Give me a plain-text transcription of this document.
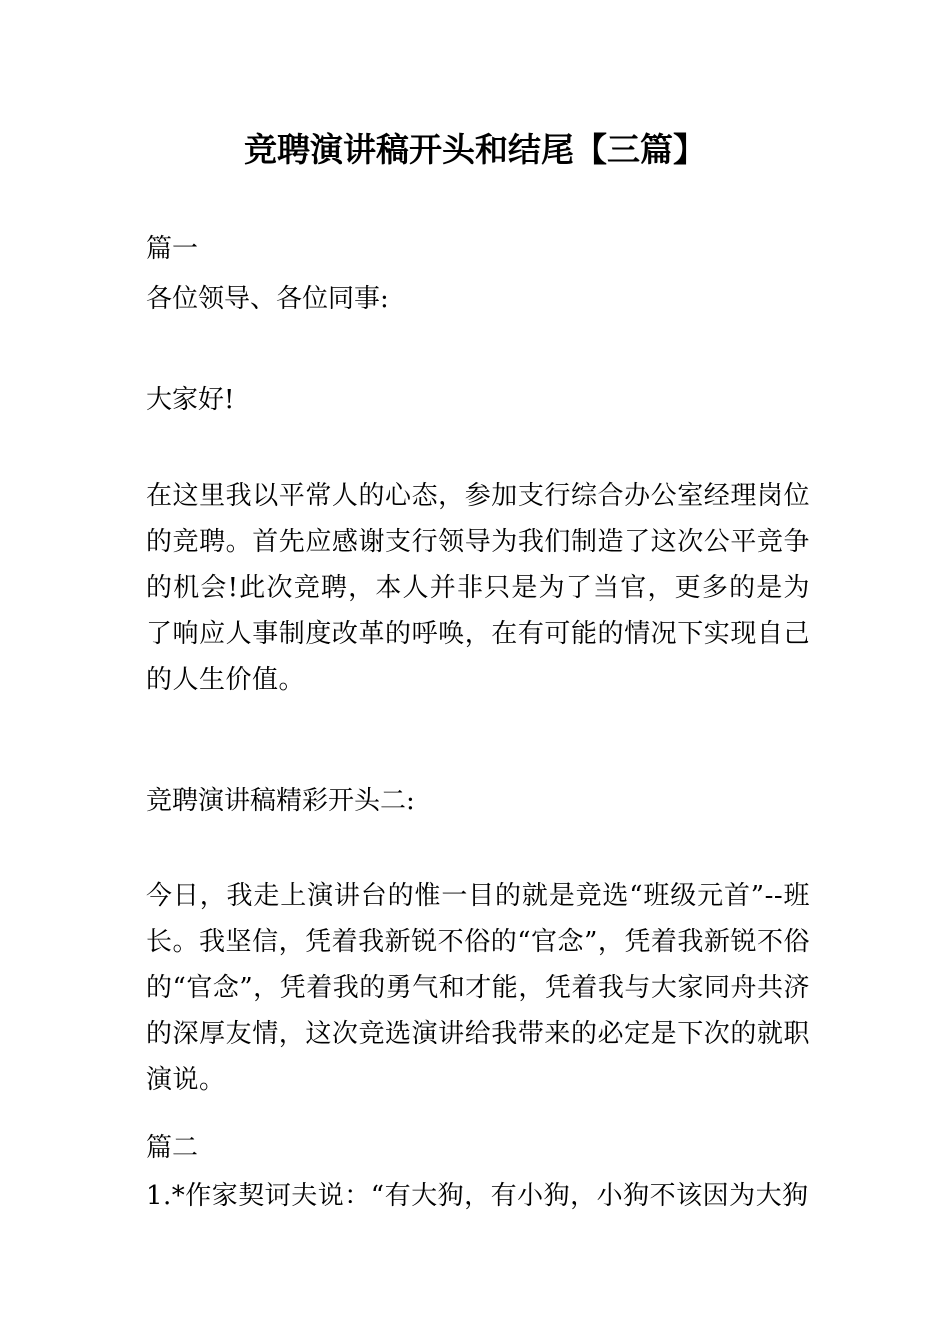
竞聘演讲稿开头和结尾【三篇】
篇一
各位领导、各位同事:
大家好!
在这里我以平常人的心态，参加支行综合办公室经理岗位的竞聘。首先应感谢支行领导为我们制造了这次公平竞争的机会!此次竞聘，本人并非只是为了当官，更多的是为了响应人事制度改革的呼唤，在有可能的情况下实现自己的人生价值。
竞聘演讲稿精彩开头二:
今日，我走上演讲台的惟一目的就是竞选“班级元首”--班长。我坚信，凭着我新锐不俗的“官念”，凭着我新锐不俗的“官念”，凭着我的勇气和才能，凭着我与大家同舟共济的深厚友情，这次竞选演讲给我带来的必定是下次的就职演说。
篇二
1.*作家契诃夫说：“有大狗，有小狗，小狗不该因为大狗
